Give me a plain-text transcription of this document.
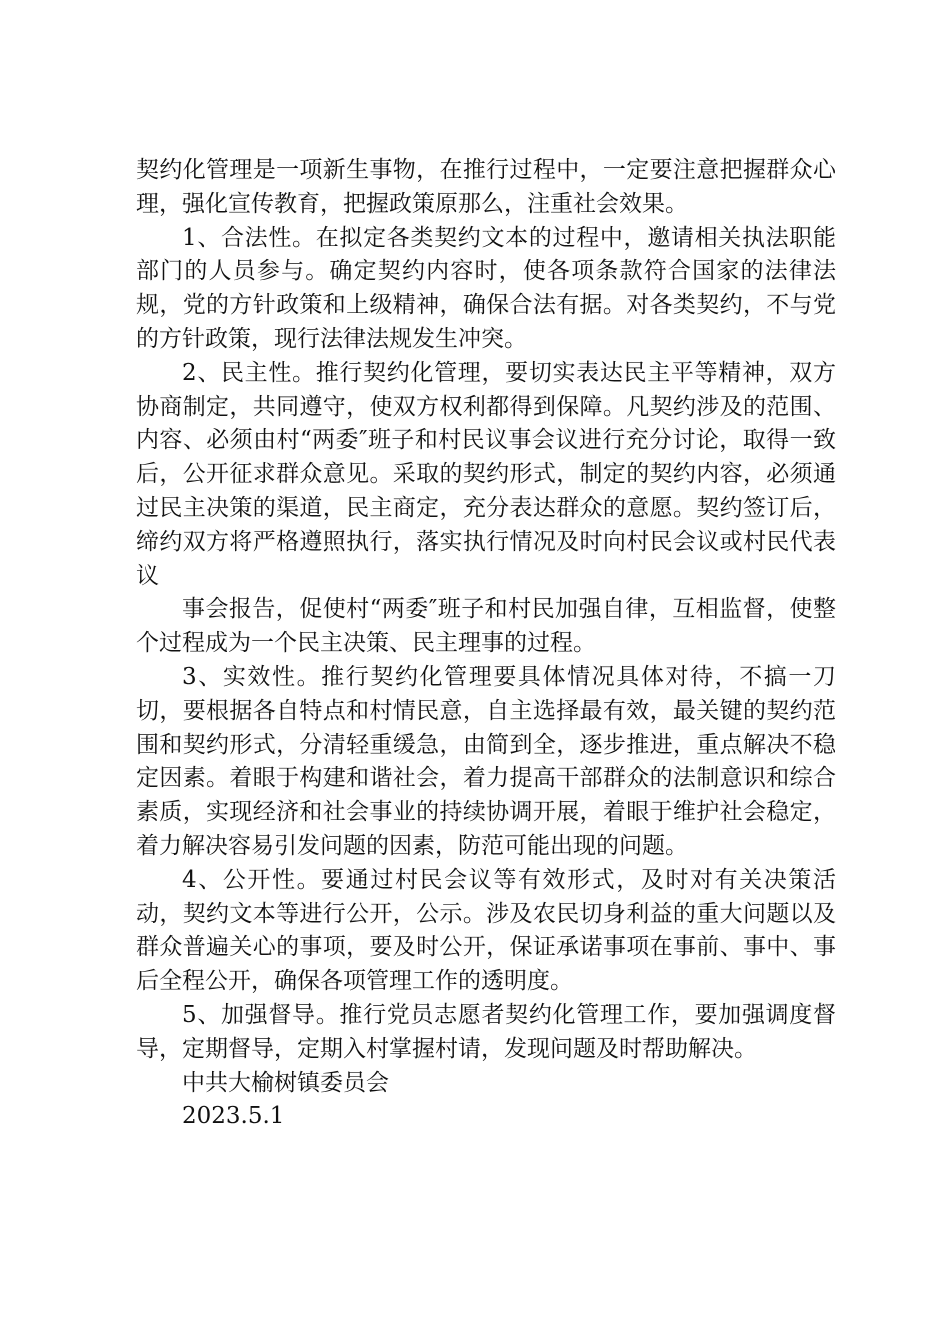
契约化管理是一项新生事物，在推行过程中，一定要注意把握群众心理，强化宣传教育，把握政策原那么，注重社会效果。

1、合法性。在拟定各类契约文本的过程中，邀请相关执法职能部门的人员参与。确定契约内容时，使各项条款符合国家的法律法规，党的方针政策和上级精神，确保合法有据。对各类契约，不与党的方针政策，现行法律法规发生冲突。

2、民主性。推行契约化管理，要切实表达民主平等精神，双方协商制定，共同遵守，使双方权利都得到保障。凡契约涉及的范围、内容、必须由村“两委″班子和村民议事会议进行充分讨论，取得一致后，公开征求群众意见。采取的契约形式，制定的契约内容，必须通过民主决策的渠道，民主商定，充分表达群众的意愿。契约签订后，缔约双方将严格遵照执行，落实执行情况及时向村民会议或村民代表议

事会报告，促使村“两委″班子和村民加强自律，互相监督，使整个过程成为一个民主决策、民主理事的过程。

3、实效性。推行契约化管理要具体情况具体对待，不搞一刀切，要根据各自特点和村情民意，自主选择最有效，最关键的契约范围和契约形式，分清轻重缓急，由简到全，逐步推进，重点解决不稳定因素。着眼于构建和谐社会，着力提高干部群众的法制意识和综合素质，实现经济和社会事业的持续协调开展，着眼于维护社会稳定，着力解决容易引发问题的因素，防范可能出现的问题。

4、公开性。要通过村民会议等有效形式，及时对有关决策活动，契约文本等进行公开，公示。涉及农民切身利益的重大问题以及群众普遍关心的事项，要及时公开，保证承诺事项在事前、事中、事后全程公开，确保各项管理工作的透明度。

5、加强督导。推行党员志愿者契约化管理工作，要加强调度督导，定期督导，定期入村掌握村请，发现问题及时帮助解决。

中共大榆树镇委员会

2023.5.1
